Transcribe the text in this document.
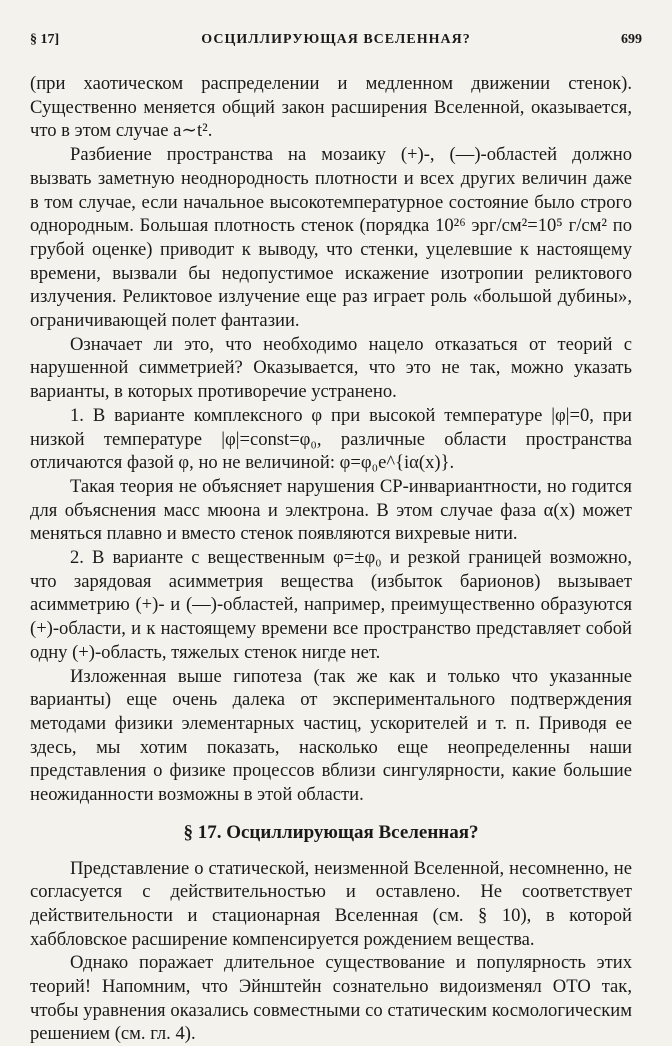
§ 17]	ОСЦИЛЛИРУЮЩАЯ ВСЕЛЕННАЯ?	699

(при хаотическом распределении и медленном движении стенок). Существенно меняется общий закон расширения Вселенной, оказывается, что в этом случае a∼t².

Разбиение пространства на мозаику (+)-, (—)-областей должно вызвать заметную неоднородность плотности и всех других величин даже в том случае, если начальное высокотемпературное состояние было строго однородным. Большая плотность стенок (порядка 10²⁶ эрг/см²=10⁵ г/см² по грубой оценке) приводит к выводу, что стенки, уцелевшие к настоящему времени, вызвали бы недопустимое искажение изотропии реликтового излучения. Реликтовое излучение еще раз играет роль «большой дубины», ограничивающей полет фантазии.

Означает ли это, что необходимо нацело отказаться от теорий с нарушенной симметрией? Оказывается, что это не так, можно указать варианты, в которых противоречие устранено.

1. В варианте комплексного φ при высокой температуре |φ|=0, при низкой температуре |φ|=const=φ₀, различные области пространства отличаются фазой φ, но не величиной: φ=φ₀e^{iα(x)}.

Такая теория не объясняет нарушения CP-инвариантности, но годится для объяснения масс мюона и электрона. В этом случае фаза α(x) может меняться плавно и вместо стенок появляются вихревые нити.

2. В варианте с вещественным φ=±φ₀ и резкой границей возможно, что зарядовая асимметрия вещества (избыток барионов) вызывает асимметрию (+)- и (—)-областей, например, преимущественно образуются (+)-области, и к настоящему времени все пространство представляет собой одну (+)-область, тяжелых стенок нигде нет.

Изложенная выше гипотеза (так же как и только что указанные варианты) еще очень далека от экспериментального подтверждения методами физики элементарных частиц, ускорителей и т. п. Приводя ее здесь, мы хотим показать, насколько еще неопределенны наши представления о физике процессов вблизи сингулярности, какие большие неожиданности возможны в этой области.

§ 17. Осциллирующая Вселенная?

Представление о статической, неизменной Вселенной, несомненно, не согласуется с действительностью и оставлено. Не соответствует действительности и стационарная Вселенная (см. § 10), в которой хаббловское расширение компенсируется рождением вещества.

Однако поражает длительное существование и популярность этих теорий! Напомним, что Эйнштейн сознательно видоизменял ОТО так, чтобы уравнения оказались совместными со статическим космологическим решением (см. гл. 4).
